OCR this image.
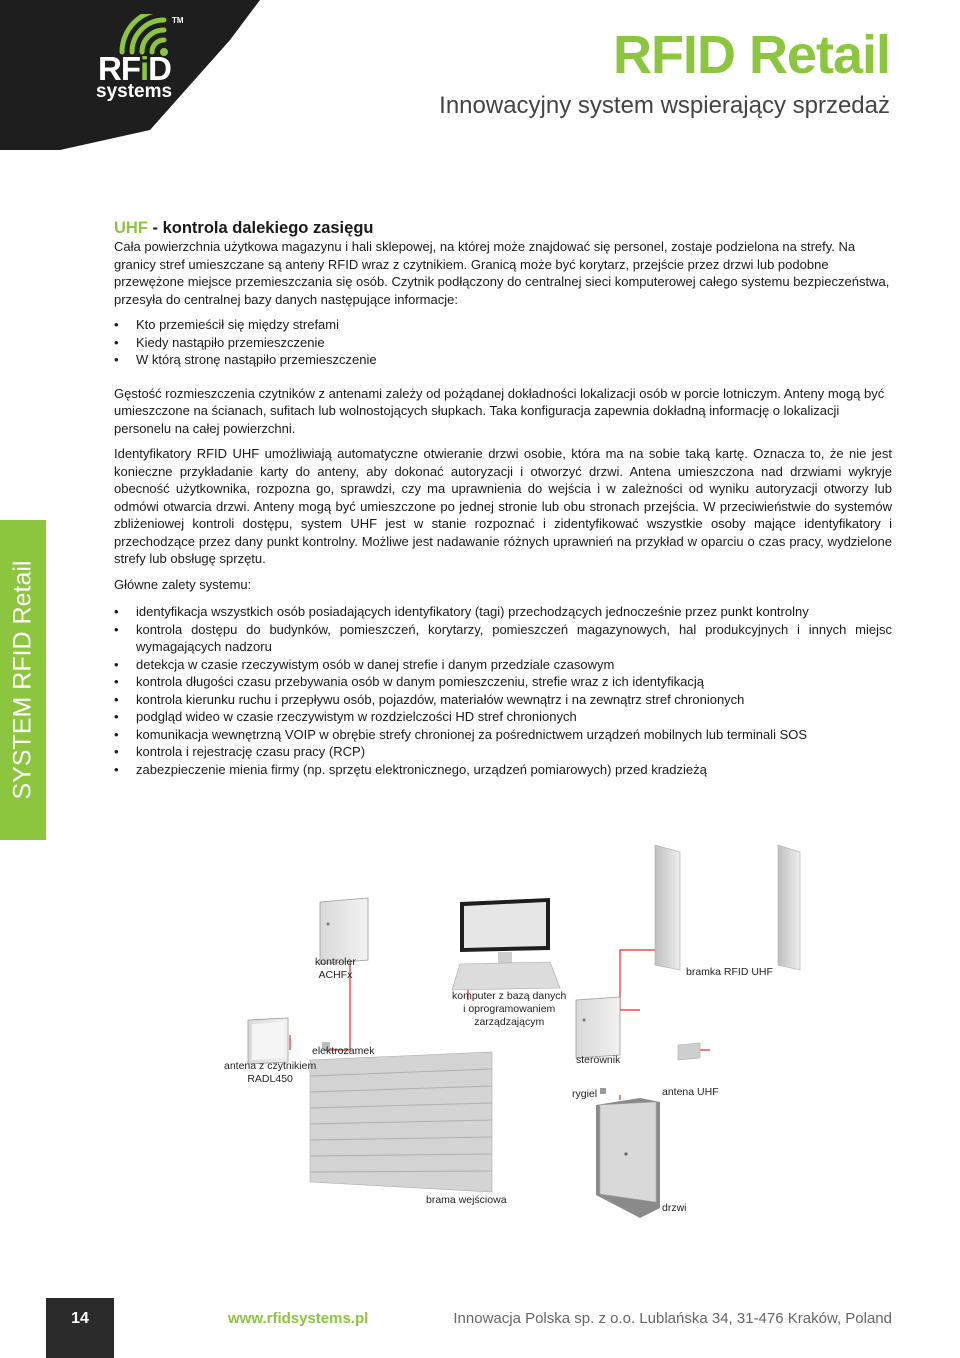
TM
RFiD
systems
RFID Retail
Innowacyjny system wspierający sprzedaż
SYSTEM RFID Retail
UHF - kontrola dalekiego zasięgu

Cała powierzchnia użytkowa magazynu i hali sklepowej, na której może znajdować się personel, zostaje podzielona na strefy. Na granicy stref umieszczane są anteny RFID wraz z czytnikiem. Granicą może być korytarz, przejście przez drzwi lub podobne przewężone miejsce przemieszczania się osób. Czytnik podłączony do centralnej sieci komputerowej całego systemu bezpieczeństwa, przesyła do centralnej bazy danych następujące informacje:

• Kto przemieścił się między strefami
• Kiedy nastąpiło przemieszczenie
• W którą stronę nastąpiło przemieszczenie

Gęstość rozmieszczenia czytników z antenami zależy od pożądanej dokładności lokalizacji osób w porcie lotniczym. Anteny mogą być umieszczone na ścianach, sufitach lub wolnostojących słupkach. Taka konfiguracja zapewnia dokładną informację o lokalizacji personelu na całej powierzchni.

Identyfikatory RFID UHF umożliwiają automatyczne otwieranie drzwi osobie, która ma na sobie taką kartę. Oznacza to, że nie jest konieczne przykładanie karty do anteny, aby dokonać autoryzacji i otworzyć drzwi. Antena umieszczona nad drzwiami wykryje obecność użytkownika, rozpozna go, sprawdzi, czy ma uprawnienia do wejścia i w zależności od wyniku autoryzacji otworzy lub odmówi otwarcia drzwi. Anteny mogą być umieszczone po jednej stronie lub obu stronach przejścia. W przeciwieństwie do systemów zbliżeniowej kontroli dostępu, system UHF jest w stanie rozpoznać i zidentyfikować wszystkie osoby mające identyfikatory i przechodzące przez dany punkt kontrolny. Możliwe jest nadawanie różnych uprawnień na przykład w oparciu o czas pracy, wydzielone strefy lub obsługę sprzętu.

Główne zalety systemu:

• identyfikacja wszystkich osób posiadających identyfikatory (tagi) przechodzących jednocześnie przez punkt kontrolny
• kontrola dostępu do budynków, pomieszczeń, korytarzy, pomieszczeń magazynowych, hal produkcyjnych i innych miejsc wymagających nadzoru
• detekcja w czasie rzeczywistym osób w danej strefie i danym przedziale czasowym
• kontrola długości czasu przebywania osób w danym pomieszczeniu, strefie wraz z ich identyfikacją
• kontrola kierunku ruchu i przepływu osób, pojazdów, materiałów wewnątrz i na zewnątrz stref chronionych
• podgląd wideo w czasie rzeczywistym w rozdzielczości HD stref chronionych
• komunikacja wewnętrzną VOIP w obrębie strefy chronionej za pośrednictwem urządzeń mobilnych lub terminali SOS
• kontrola i rejestrację czasu pracy (RCP)
• zabezpieczenie mienia firmy (np. sprzętu elektronicznego, urządzeń pomiarowych) przed kradzieżą
kontroler
ACHFx	bramka RFID UHF
komputer z bazą danych
i oprogramowaniem
zarządzającym
elektrozamek
antena z czytnikiem
RADL450
sterownik
rygiel	antena UHF
brama wejściowa
drzwi
14	www.rfidsystems.pl	Innowacja Polska sp. z o.o. Lublańska 34, 31-476 Kraków, Poland
